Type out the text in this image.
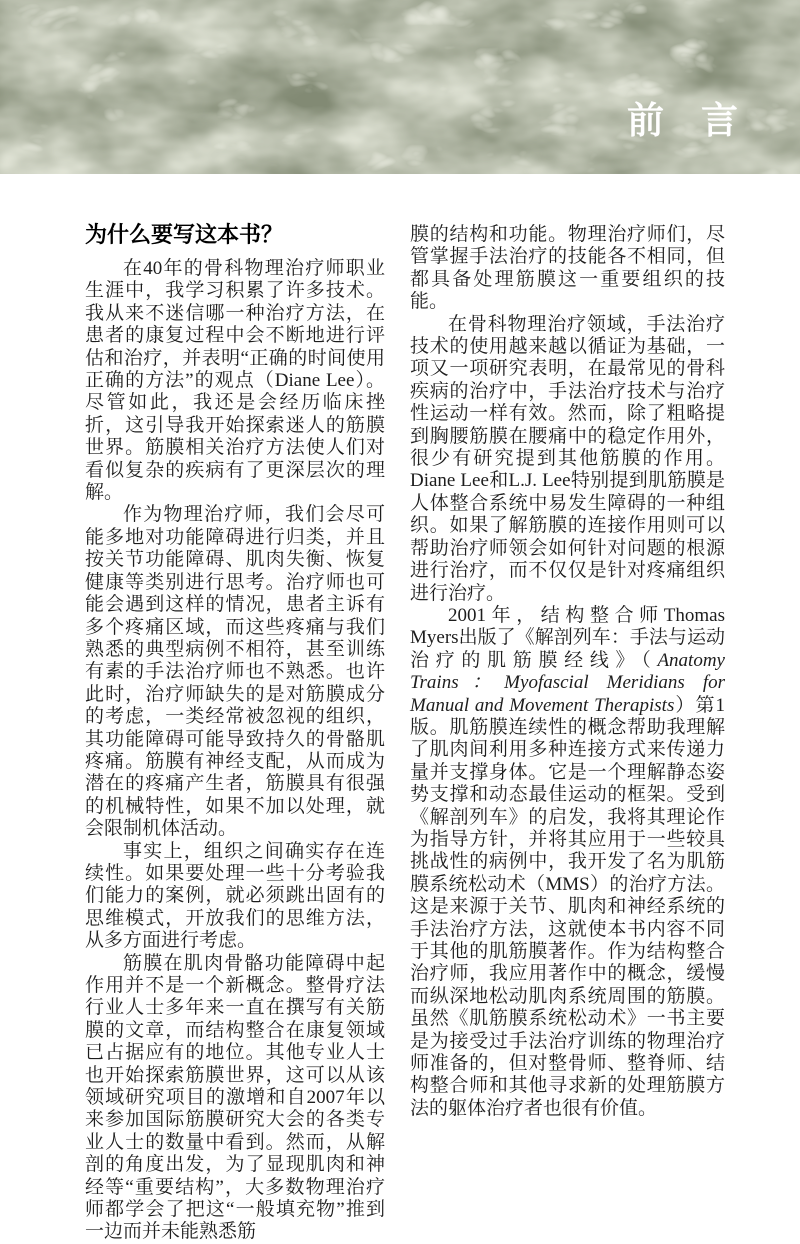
前　言
为什么要写这本书？

在40年的骨科物理治疗师职业生涯中，我学习积累了许多技术。我从来不迷信哪一种治疗方法，在患者的康复过程中会不断地进行评估和治疗，并表明“正确的时间使用正确的方法”的观点（Diane Lee）。尽管如此，我还是会经历临床挫折，这引导我开始探索迷人的筋膜世界。筋膜相关治疗方法使人们对看似复杂的疾病有了更深层次的理解。

作为物理治疗师，我们会尽可能多地对功能障碍进行归类，并且按关节功能障碍、肌肉失衡、恢复健康等类别进行思考。治疗师也可能会遇到这样的情况，患者主诉有多个疼痛区域，而这些疼痛与我们熟悉的典型病例不相符，甚至训练有素的手法治疗师也不熟悉。也许此时，治疗师缺失的是对筋膜成分的考虑，一类经常被忽视的组织，其功能障碍可能导致持久的骨骼肌疼痛。筋膜有神经支配，从而成为潜在的疼痛产生者，筋膜具有很强的机械特性，如果不加以处理，就会限制机体活动。

事实上，组织之间确实存在连续性。如果要处理一些十分考验我们能力的案例，就必须跳出固有的思维模式，开放我们的思维方法，从多方面进行考虑。

筋膜在肌肉骨骼功能障碍中起作用并不是一个新概念。整骨疗法行业人士多年来一直在撰写有关筋膜的文章，而结构整合在康复领域已占据应有的地位。其他专业人士也开始探索筋膜世界，这可以从该领域研究项目的激增和自2007年以来参加国际筋膜研究大会的各类专业人士的数量中看到。然而，从解剖的角度出发，为了显现肌肉和神经等“重要结构”，大多数物理治疗师都学会了把这“一般填充物”推到一边而并未能熟悉筋

膜的结构和功能。物理治疗师们，尽管掌握手法治疗的技能各不相同，但都具备处理筋膜这一重要组织的技能。

在骨科物理治疗领域，手法治疗技术的使用越来越以循证为基础，一项又一项研究表明，在最常见的骨科疾病的治疗中，手法治疗技术与治疗性运动一样有效。然而，除了粗略提到胸腰筋膜在腰痛中的稳定作用外，很少有研究提到其他筋膜的作用。Diane Lee和L.J. Lee特别提到肌筋膜是人体整合系统中易发生障碍的一种组织。如果了解筋膜的连接作用则可以帮助治疗师领会如何针对问题的根源进行治疗，而不仅仅是针对疼痛组织进行治疗。

2001年，结构整合师Thomas Myers出版了《解剖列车：手法与运动治疗的肌筋膜经线》（Anatomy Trains：Myofascial Meridians for Manual and Movement Therapists）第1版。肌筋膜连续性的概念帮助我理解了肌肉间利用多种连接方式来传递力量并支撑身体。它是一个理解静态姿势支撑和动态最佳运动的框架。受到《解剖列车》的启发，我将其理论作为指导方针，并将其应用于一些较具挑战性的病例中，我开发了名为肌筋膜系统松动术（MMS）的治疗方法。这是来源于关节、肌肉和神经系统的手法治疗方法，这就使本书内容不同于其他的肌筋膜著作。作为结构整合治疗师，我应用著作中的概念，缓慢而纵深地松动肌肉系统周围的筋膜。虽然《肌筋膜系统松动术》一书主要是为接受过手法治疗训练的物理治疗师准备的，但对整骨师、整脊师、结构整合师和其他寻求新的处理筋膜方法的躯体治疗者也很有价值。
